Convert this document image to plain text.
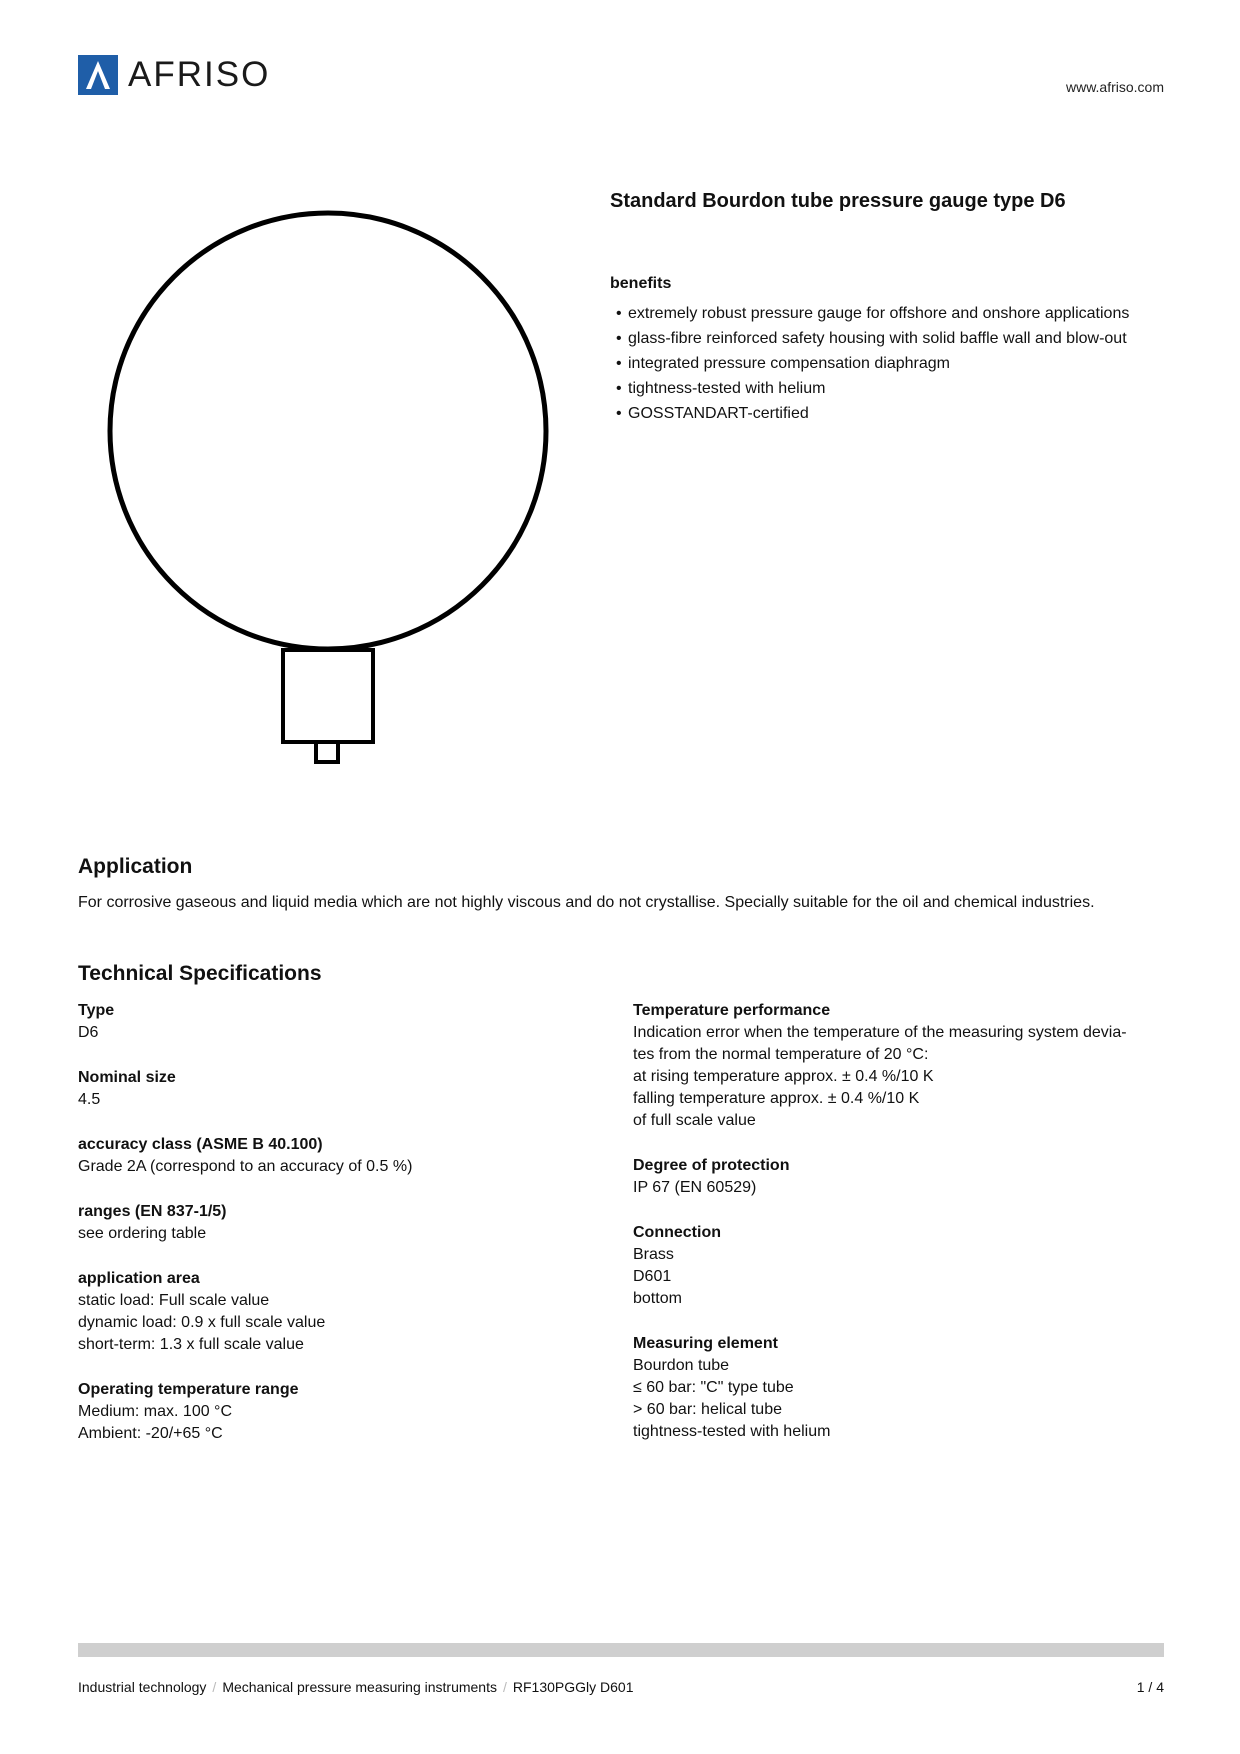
AFRISO	www.afriso.com
Standard Bourdon tube pressure gauge type D6
benefits
• extremely robust pressure gauge for offshore and onshore applications
• glass-fibre reinforced safety housing with solid baffle wall and blow-out
• integrated pressure compensation diaphragm
• tightness-tested with helium
• GOSSTANDART-certified
Application
For corrosive gaseous and liquid media which are not highly viscous and do not crystallise. Specially suitable for the oil and chemical industries.
Technical Specifications
Type
D6
Nominal size
4.5
accuracy class (ASME B 40.100)
Grade 2A (correspond to an accuracy of 0.5 %)
ranges (EN 837-1/5)
see ordering table
application area
static load: Full scale value
dynamic load: 0.9 x full scale value
short-term: 1.3 x full scale value
Operating temperature range
Medium: max. 100 °C
Ambient: -20/+65 °C
Temperature performance
Indication error when the temperature of the measuring system devia-
tes from the normal temperature of 20 °C:
at rising temperature approx. ± 0.4 %/10 K
falling temperature approx. ± 0.4 %/10 K
of full scale value
Degree of protection
IP 67 (EN 60529)
Connection
Brass
D601
bottom
Measuring element
Bourdon tube
≤ 60 bar: "C" type tube
> 60 bar: helical tube
tightness-tested with helium
Industrial technology / Mechanical pressure measuring instruments / RF130PGGly D601	1 / 4
